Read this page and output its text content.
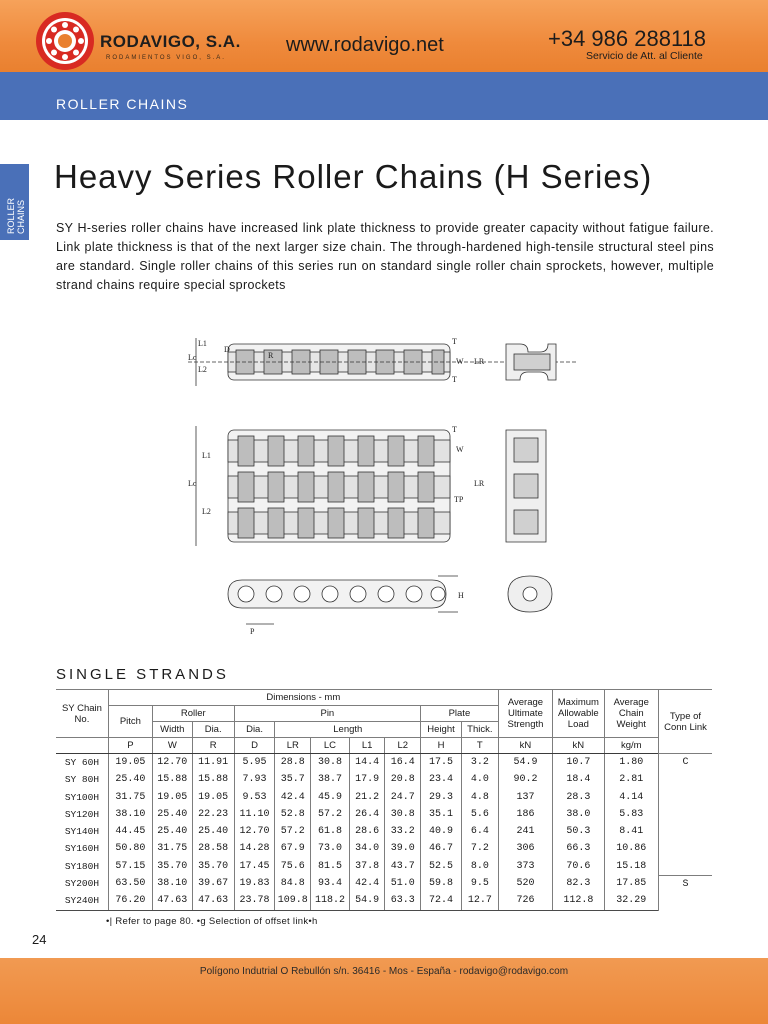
RODAVIGO, S.A.
RODAMIENTOS VIGO, S.A.
www.rodavigo.net	+34 986 288118
Servicio de Att. al Cliente
ROLLER CHAINS
ROLLER
CHAINS
Heavy Series Roller Chains (H Series)
SY H-series roller chains have increased link plate thickness to provide greater capacity without fatigue failure. Link plate thickness is that of the next larger size chain. The through-hardened high-tensile structural steel pins are standard. Single roller chains of this series run on standard single roller chain sprockets, however, multiple strand chains require special sprockets
L1
Lc
L2
D
R
T
W
T
LR
L1
Lc
L2
T
W
TP
LR
H
P
SINGLE STRANDS
SY Chain No.	Dimensions - mm										Average Ultimate Strength	Maximum Allowable Load	Average Chain Weight	Type of Conn Link
	Pitch	Roller		Pin					Plate					
		Width	Dia.	Dia.	Length				Height	Thick.				
	P	W	R	D	LR	LC	L1	L2	H	T	kN	kN	kg/m	
SY 60H	19.05	12.70	11.91	5.95	28.8	30.8	14.4	16.4	17.5	3.2	54.9	10.7	1.80	C
SY 80H	25.40	15.88	15.88	7.93	35.7	38.7	17.9	20.8	23.4	4.0	90.2	18.4	2.81	
SY100H	31.75	19.05	19.05	9.53	42.4	45.9	21.2	24.7	29.3	4.8	137	28.3	4.14	
SY120H	38.10	25.40	22.23	11.10	52.8	57.2	26.4	30.8	35.1	5.6	186	38.0	5.83	
SY140H	44.45	25.40	25.40	12.70	57.2	61.8	28.6	33.2	40.9	6.4	241	50.3	8.41	
SY160H	50.80	31.75	28.58	14.28	67.9	73.0	34.0	39.0	46.7	7.2	306	66.3	10.86	
SY180H	57.15	35.70	35.70	17.45	75.6	81.5	37.8	43.7	52.5	8.0	373	70.6	15.18	
SY200H	63.50	38.10	39.67	19.83	84.8	93.4	42.4	51.0	59.8	9.5	520	82.3	17.85	S
SY240H	76.20	47.63	47.63	23.78	109.8	118.2	54.9	63.3	72.4	12.7	726	112.8	32.29	
•| Refer to page 80. •g Selection of offset link•h
24
Polígono Indutrial O Rebullón s/n. 36416 - Mos - España - rodavigo@rodavigo.com
